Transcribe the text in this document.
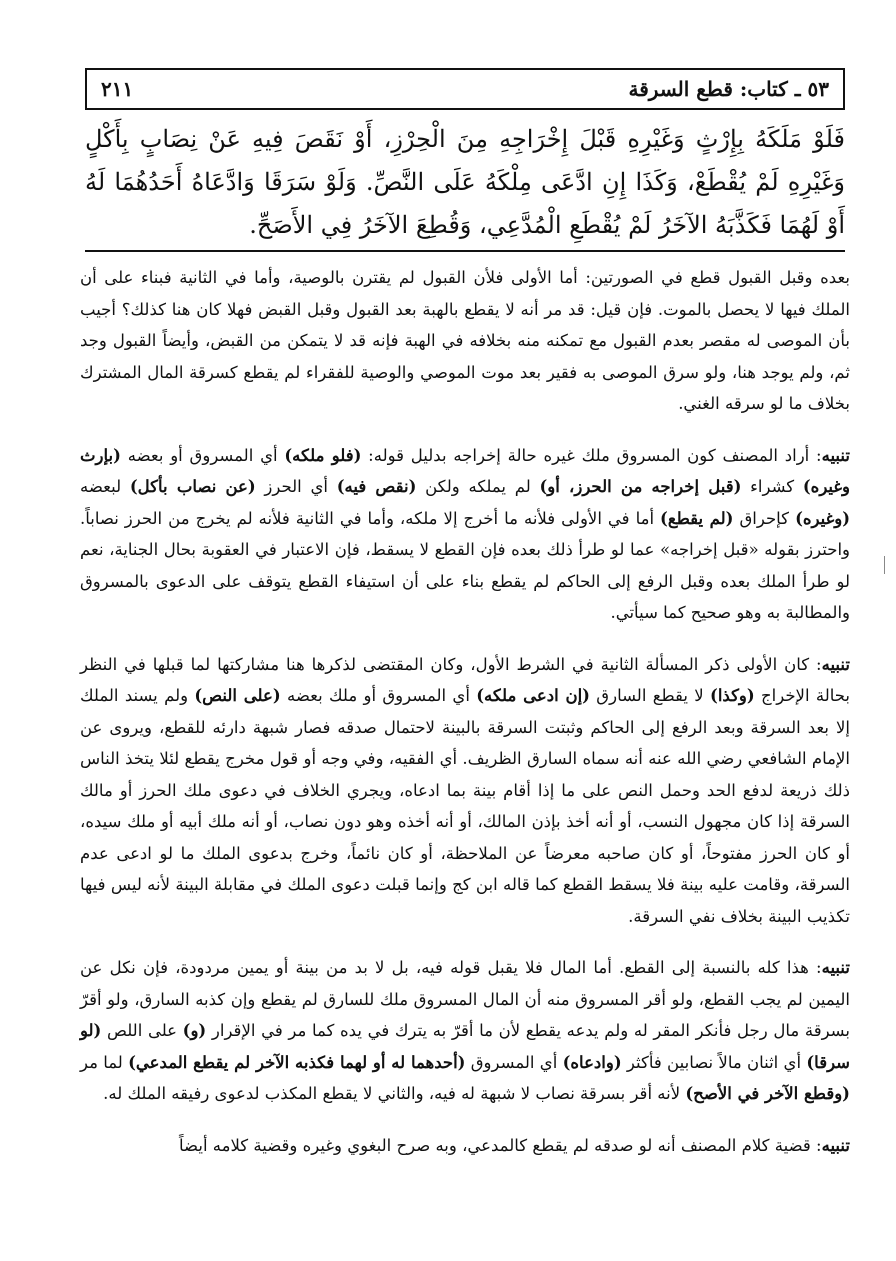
٢١١	٥٣ ـ كتاب: قطع السرقة
فَلَوْ مَلَكَهُ بِإِرْثٍ وَغَيْرِهِ قَبْلَ إِخْرَاجِهِ مِنَ الْحِرْزِ، أَوْ نَقَصَ فِيهِ عَنْ نِصَابٍ بِأَكْلٍ وَغَيْرِهِ لَمْ يُقْطَعْ، وَكَذَا إِنِ ادَّعَى مِلْكَهُ عَلَى النَّصِّ. وَلَوْ سَرَقَا وَادَّعَاهُ أَحَدُهُمَا لَهُ أَوْ لَهُمَا فَكَذَّبَهُ الآخَرُ لَمْ يُقْطَعِ الْمُدَّعِي، وَقُطِعَ الآخَرُ فِي الأَصَحِّ.

بعده وقبل القبول قطع في الصورتين: أما الأولى فلأن القبول لم يقترن بالوصية، وأما في الثانية فبناء على أن الملك فيها لا يحصل بالموت. فإن قيل: قد مر أنه لا يقطع بالهبة بعد القبول وقبل القبض فهلا كان هنا كذلك؟ أجيب بأن الموصى له مقصر بعدم القبول مع تمكنه منه بخلافه في الهبة فإنه قد لا يتمكن من القبض، وأيضاً القبول وجد ثم، ولم يوجد هنا، ولو سرق الموصى به فقير بعد موت الموصي والوصية للفقراء لم يقطع كسرقة المال المشترك بخلاف ما لو سرقه الغني.

تنبيه: أراد المصنف كون المسروق ملك غيره حالة إخراجه بدليل قوله: (فلو ملكه) أي المسروق أو بعضه (بإرث وغيره) كشراء (قبل إخراجه من الحرز، أو) لم يملكه ولكن (نقص فيه) أي الحرز (عن نصاب بأكل) لبعضه (وغيره) كإحراق (لم يقطع) أما في الأولى فلأنه ما أخرج إلا ملكه، وأما في الثانية فلأنه لم يخرج من الحرز نصاباً. واحترز بقوله «قبل إخراجه» عما لو طرأ ذلك بعده فإن القطع لا يسقط، فإن الاعتبار في العقوبة بحال الجناية، نعم لو طرأ الملك بعده وقبل الرفع إلى الحاكم لم يقطع بناء على أن استيفاء القطع يتوقف على الدعوى بالمسروق والمطالبة به وهو صحيح كما سيأتي.

تنبيه: كان الأولى ذكر المسألة الثانية في الشرط الأول، وكان المقتضى لذكرها هنا مشاركتها لما قبلها في النظر بحالة الإخراج (وكذا) لا يقطع السارق (إن ادعى ملكه) أي المسروق أو ملك بعضه (على النص) ولم يسند الملك إلا بعد السرقة وبعد الرفع إلى الحاكم وثبتت السرقة بالبينة لاحتمال صدقه فصار شبهة دارئه للقطع، ويروى عن الإمام الشافعي رضي الله عنه أنه سماه السارق الظريف. أي الفقيه، وفي وجه أو قول مخرج يقطع لئلا يتخذ الناس ذلك ذريعة لدفع الحد وحمل النص على ما إذا أقام بينة بما ادعاه، ويجري الخلاف في دعوى ملك الحرز أو مالك السرقة إذا كان مجهول النسب، أو أنه أخذ بإذن المالك، أو أنه أخذه وهو دون نصاب، أو أنه ملك أبيه أو ملك سيده، أو كان الحرز مفتوحاً، أو كان صاحبه معرضاً عن الملاحظة، أو كان نائماً، وخرج بدعوى الملك ما لو ادعى عدم السرقة، وقامت عليه بينة فلا يسقط القطع كما قاله ابن كج وإنما قبلت دعوى الملك في مقابلة البينة لأنه ليس فيها تكذيب البينة بخلاف نفي السرقة.

تنبيه: هذا كله بالنسبة إلى القطع. أما المال فلا يقبل قوله فيه، بل لا بد من بينة أو يمين مردودة، فإن نكل عن اليمين لم يجب القطع، ولو أقر المسروق منه أن المال المسروق ملك للسارق لم يقطع وإن كذبه السارق، ولو أقرّ بسرقة مال رجل فأنكر المقر له ولم يدعه يقطع لأن ما أقرّ به يترك في يده كما مر في الإقرار (و) على اللص (لو سرقا) أي اثنان مالاً نصابين فأكثر (وادعاه) أي المسروق (أحدهما له أو لهما فكذبه الآخر لم يقطع المدعي) لما مر (وقطع الآخر في الأصح) لأنه أقر بسرقة نصاب لا شبهة له فيه، والثاني لا يقطع المكذب لدعوى رفيقه الملك له.

تنبيه: قضية كلام المصنف أنه لو صدقه لم يقطع كالمدعي، وبه صرح البغوي وغيره وقضية كلامه أيضاً
